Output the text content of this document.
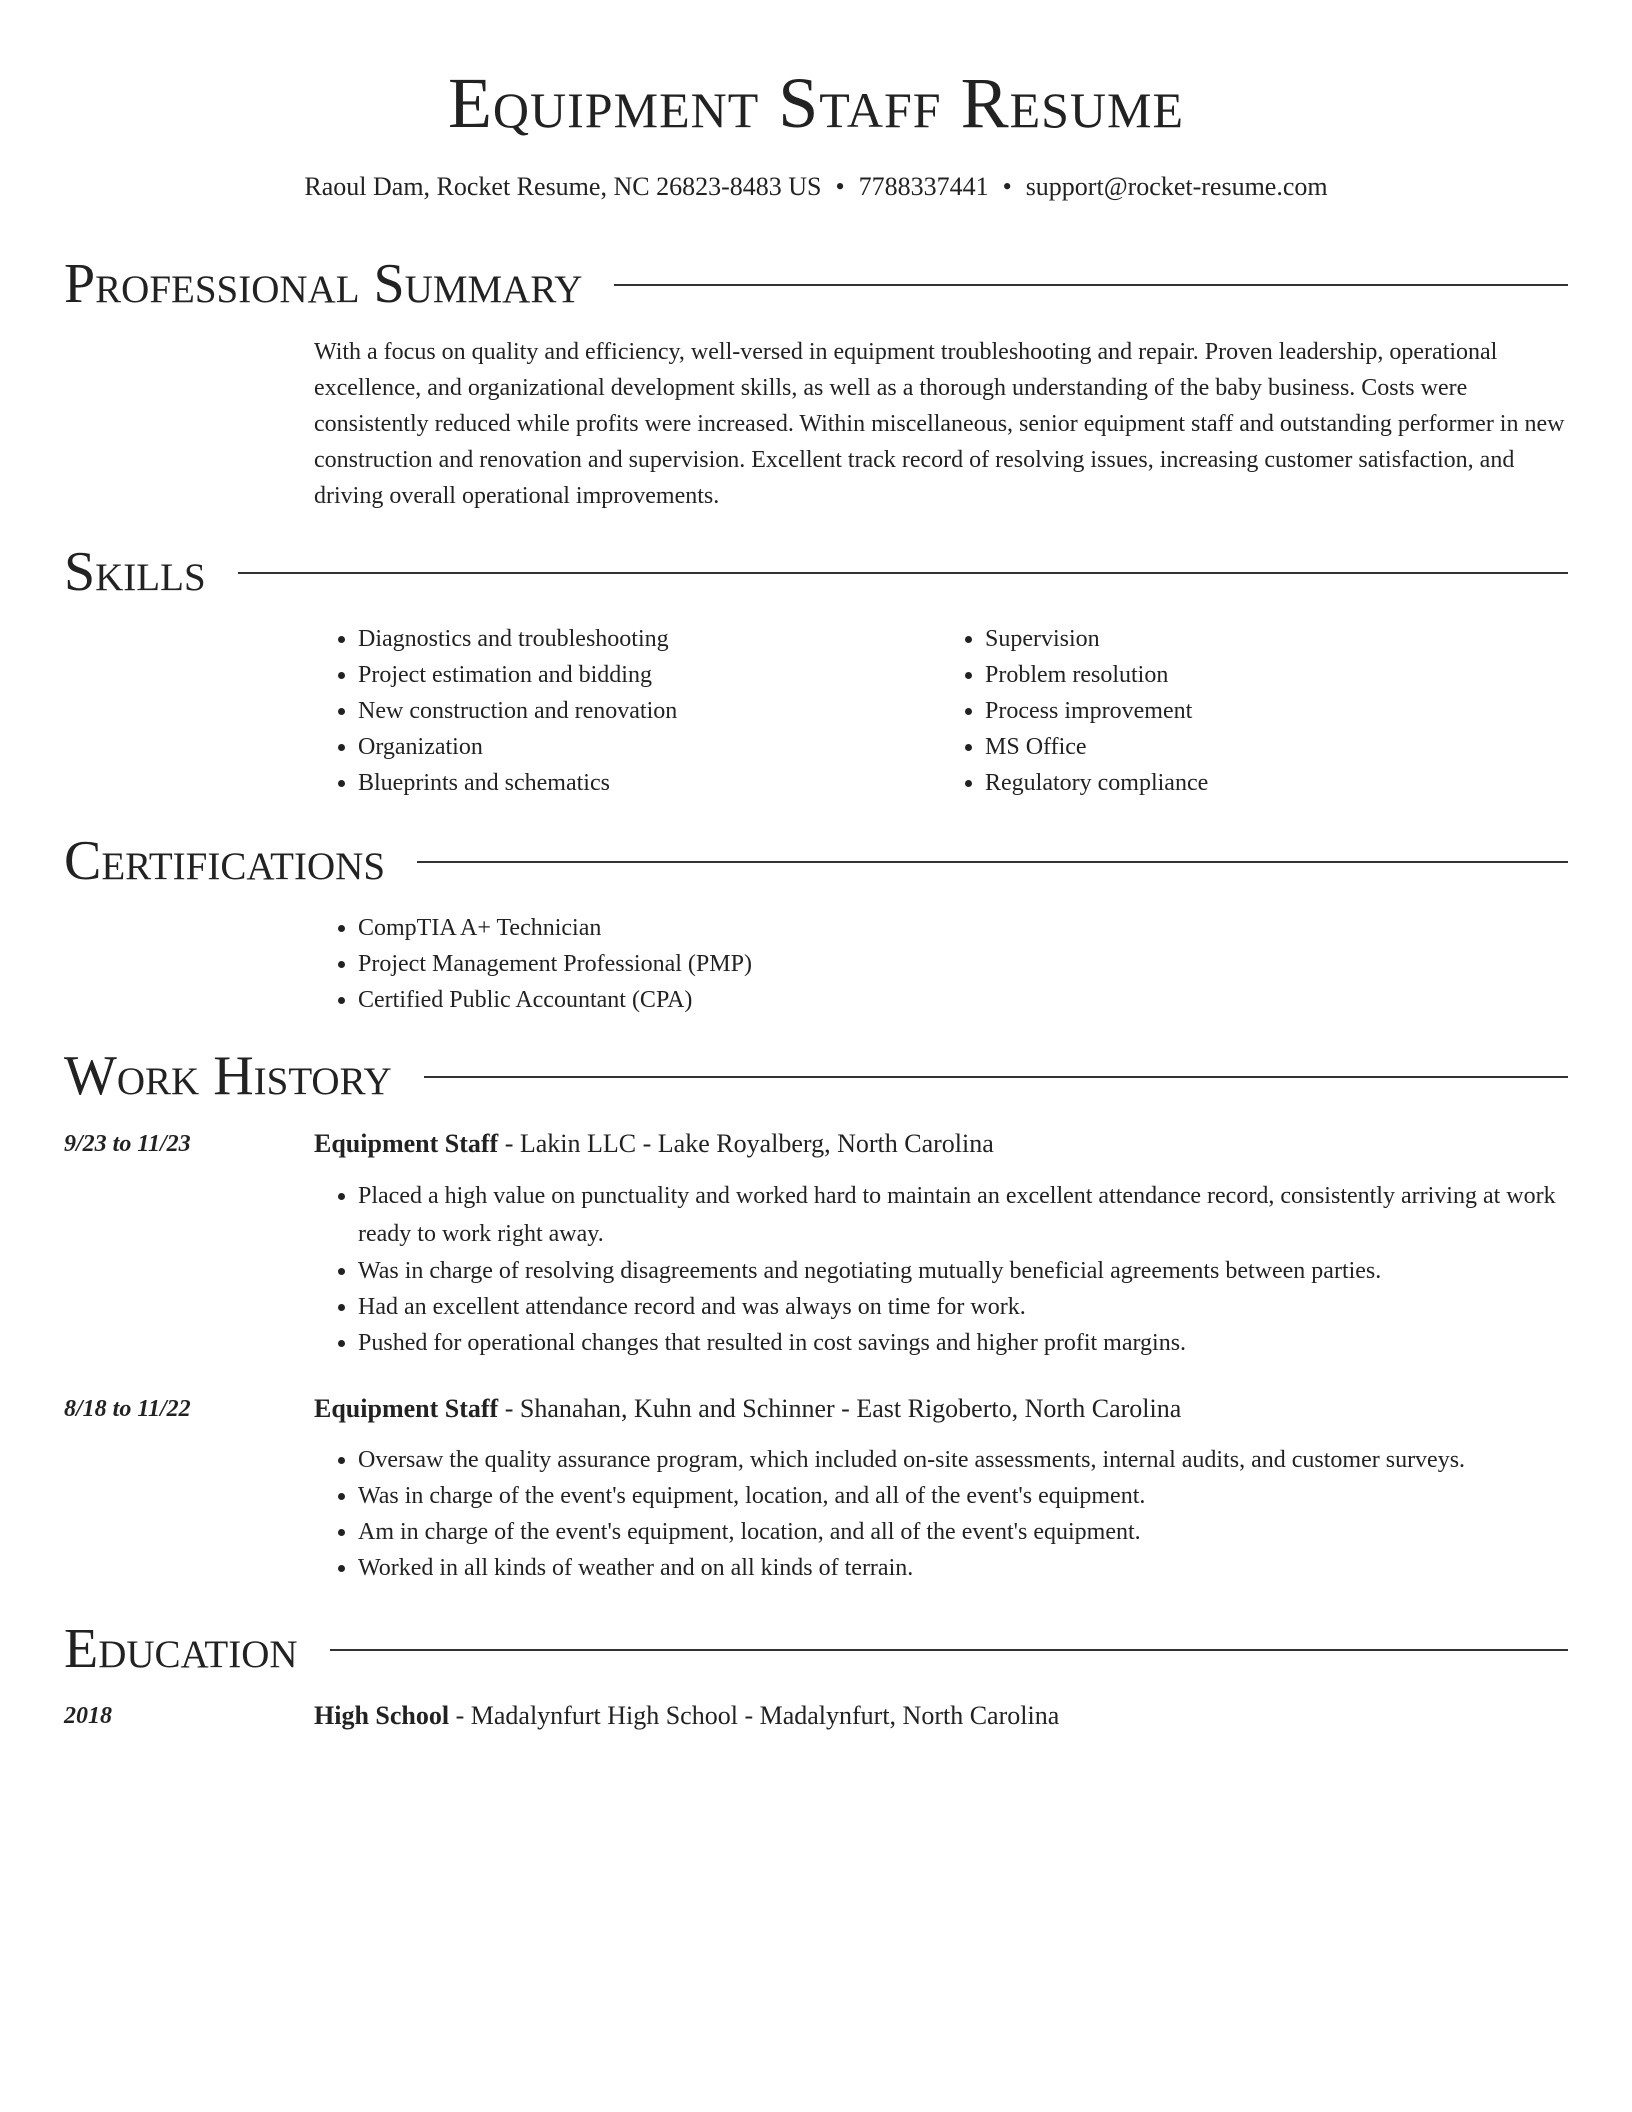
Equipment Staff Resume
Raoul Dam, Rocket Resume, NC 26823-8483 US • 7788337441 • support@rocket-resume.com
Professional Summary

With a focus on quality and efficiency, well-versed in equipment troubleshooting and repair. Proven leadership, operational excellence, and organizational development skills, as well as a thorough understanding of the baby business. Costs were consistently reduced while profits were increased. Within miscellaneous, senior equipment staff and outstanding performer in new construction and renovation and supervision. Excellent track record of resolving issues, increasing customer satisfaction, and driving overall operational improvements.

Skills
• Diagnostics and troubleshooting
• Project estimation and bidding
• New construction and renovation
• Organization
• Blueprints and schematics
• Supervision
• Problem resolution
• Process improvement
• MS Office
• Regulatory compliance
Certifications
• CompTIA A+ Technician
• Project Management Professional (PMP)
• Certified Public Accountant (CPA)
Work History
9/23 to 11/23	Equipment Staff - Lakin LLC - Lake Royalberg, North Carolina
• Placed a high value on punctuality and worked hard to maintain an excellent attendance record, consistently arriving at work ready to work right away.
• Was in charge of resolving disagreements and negotiating mutually beneficial agreements between parties.
• Had an excellent attendance record and was always on time for work.
• Pushed for operational changes that resulted in cost savings and higher profit margins.
8/18 to 11/22	Equipment Staff - Shanahan, Kuhn and Schinner - East Rigoberto, North Carolina
• Oversaw the quality assurance program, which included on-site assessments, internal audits, and customer surveys.
• Was in charge of the event's equipment, location, and all of the event's equipment.
• Am in charge of the event's equipment, location, and all of the event's equipment.
• Worked in all kinds of weather and on all kinds of terrain.
Education
2018	High School - Madalynfurt High School - Madalynfurt, North Carolina
